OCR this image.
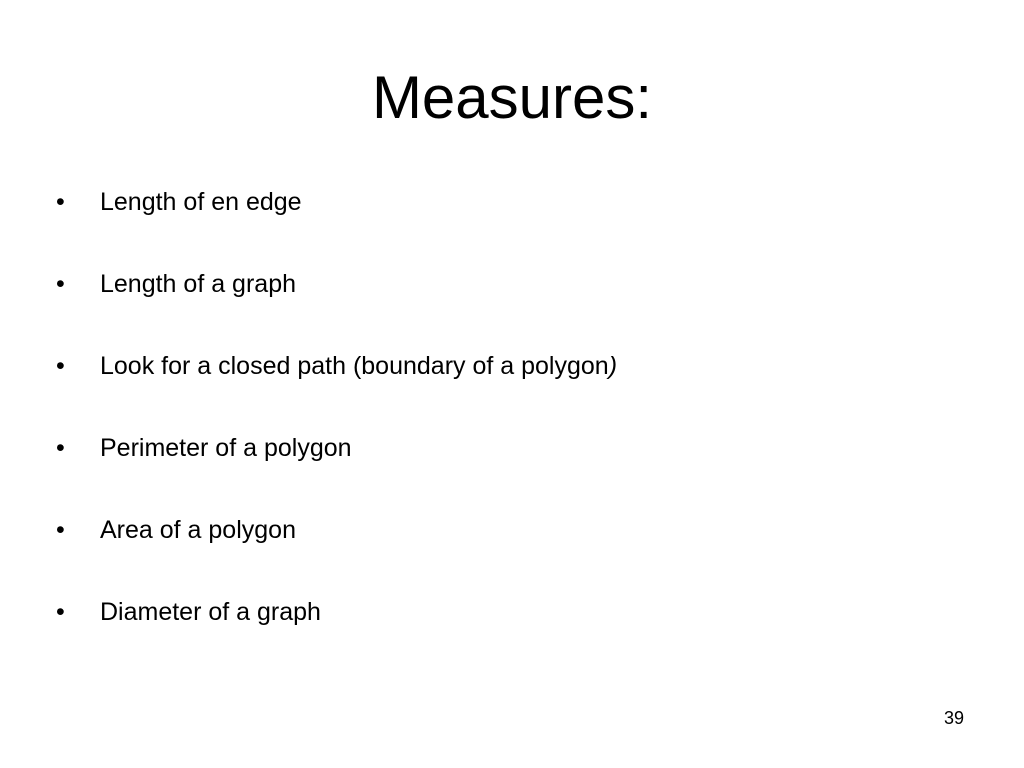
Measures:
•	Length of en edge
•	Length of a graph
•	Look for a closed path (boundary of a polygon)
•	Perimeter of a polygon
•	Area of a polygon
•	Diameter of a graph
39
